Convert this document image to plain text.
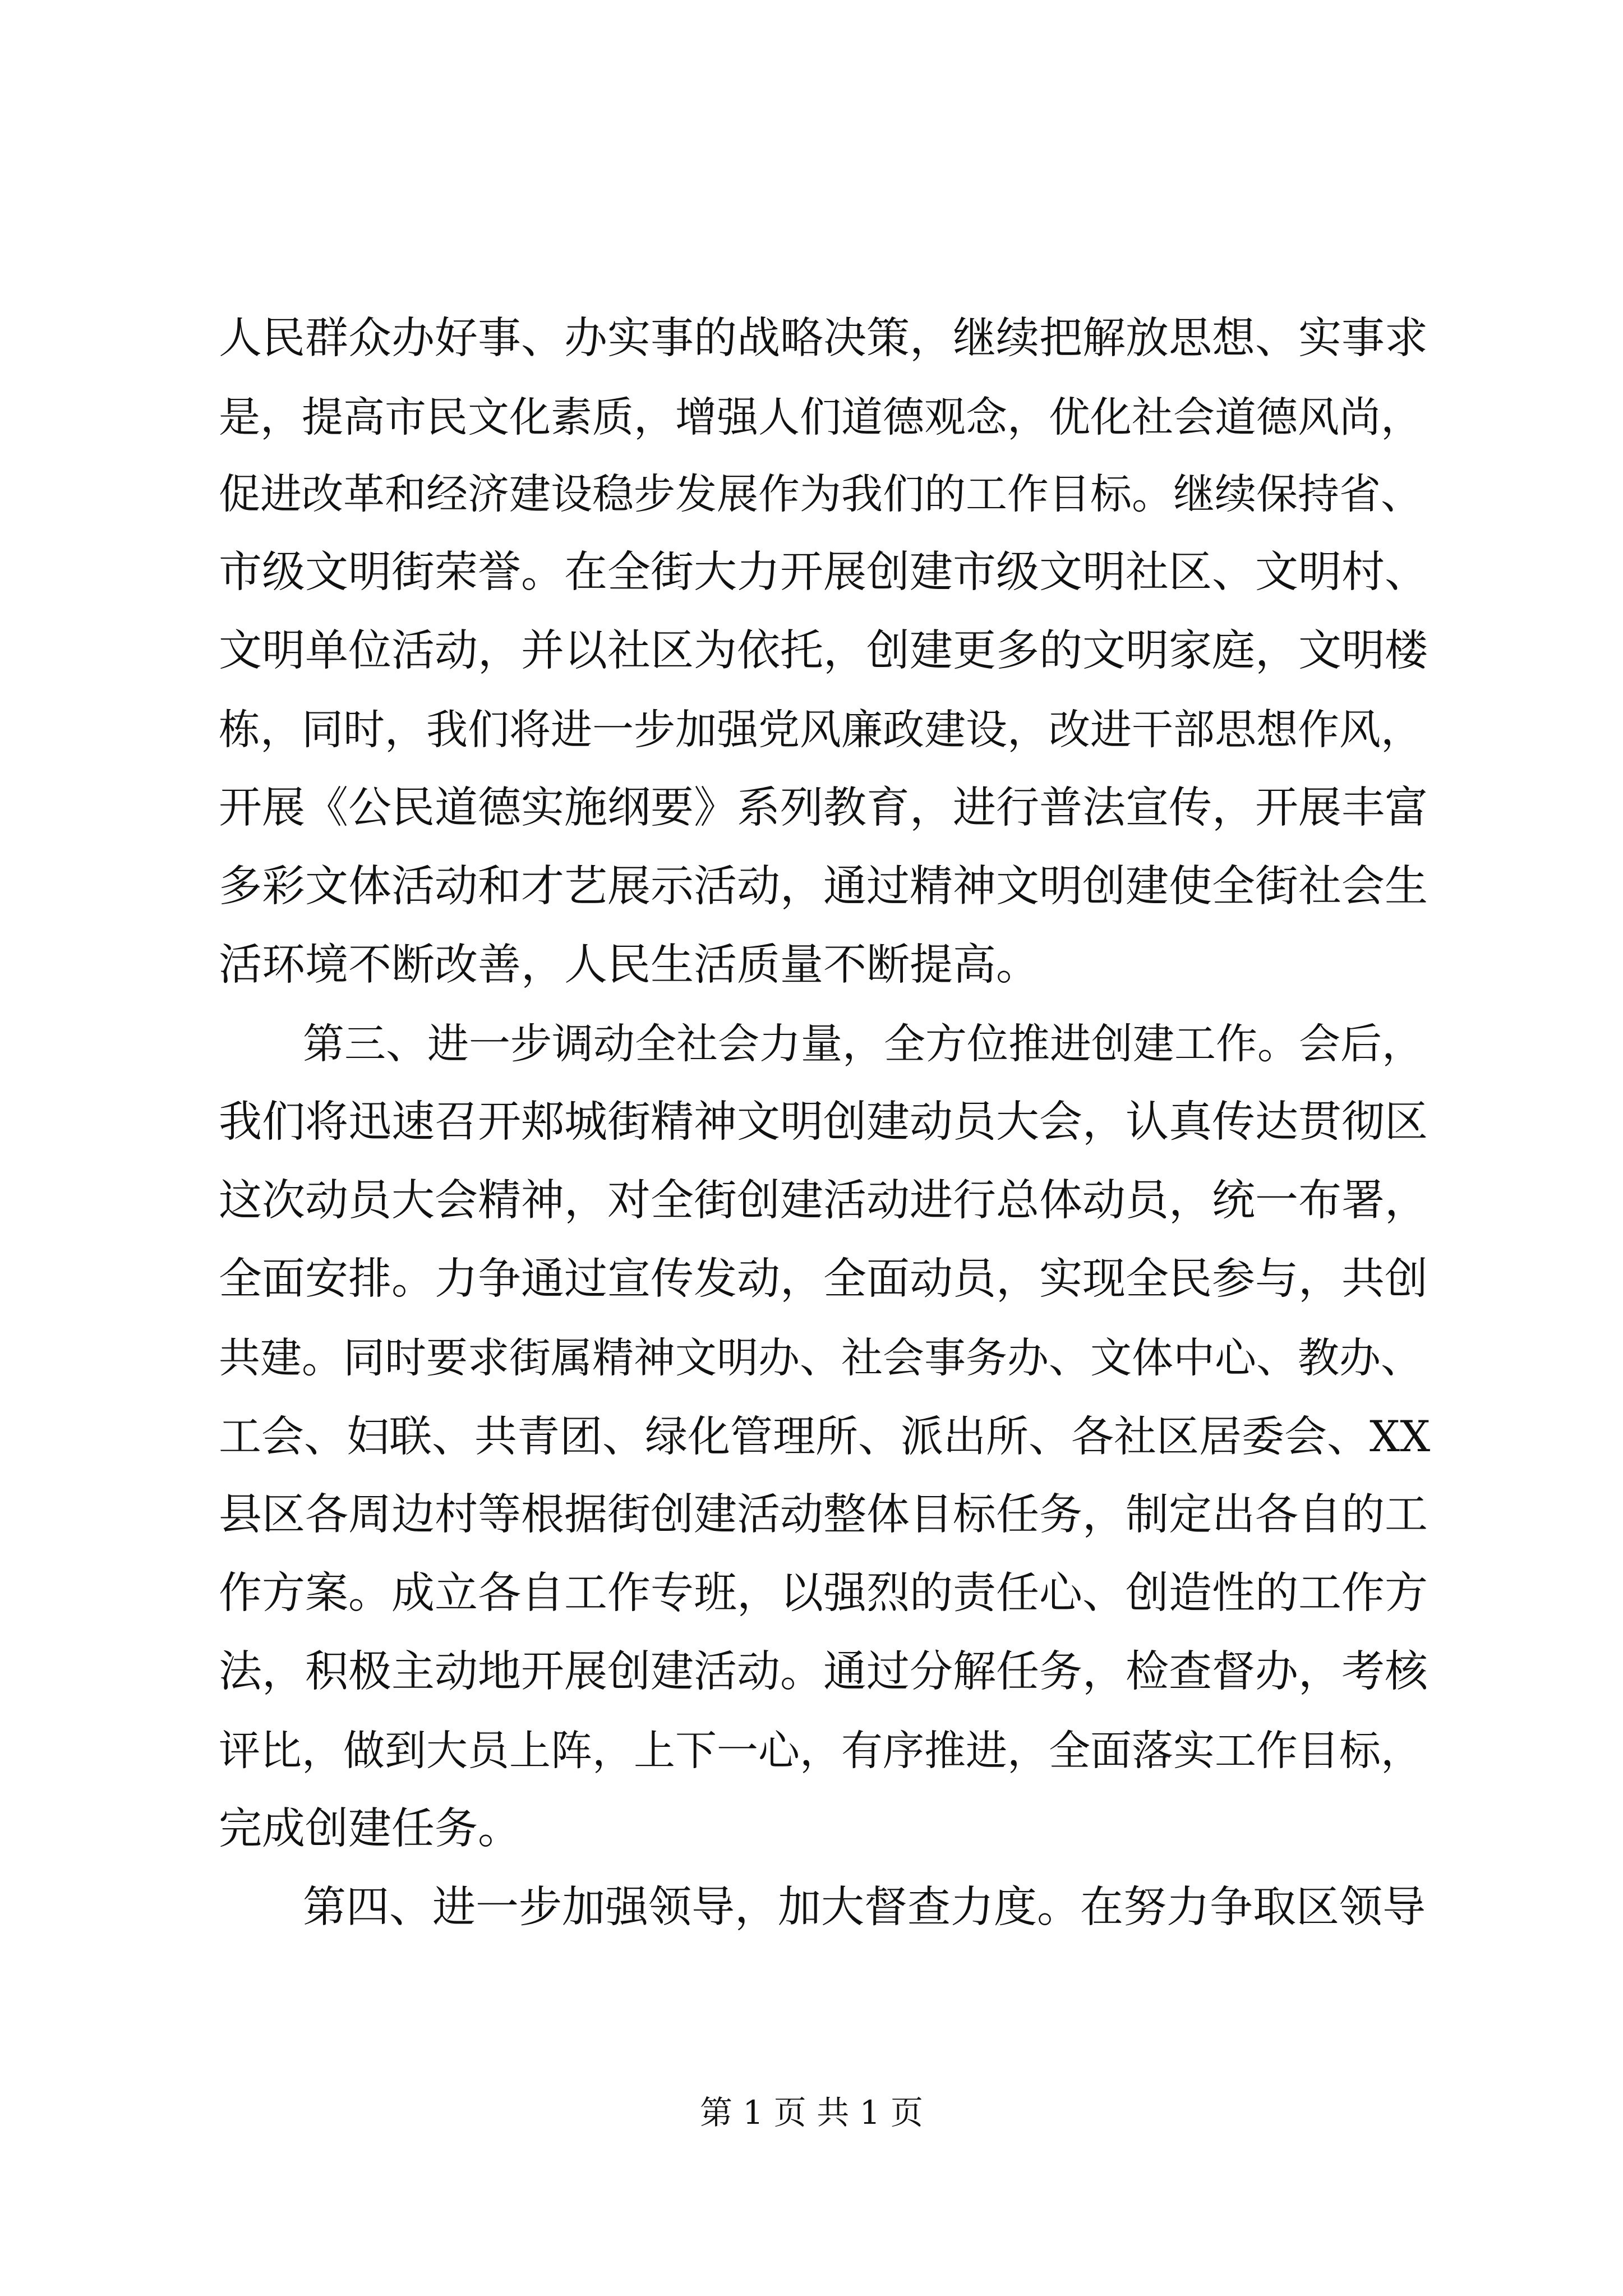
人民群众办好事、办实事的战略决策，继续把解放思想、实事求
是，提高市民文化素质，增强人们道德观念，优化社会道德风尚，
促进改革和经济建设稳步发展作为我们的工作目标。继续保持省、
市级文明街荣誉。在全街大力开展创建市级文明社区、文明村、
文明单位活动，并以社区为依托，创建更多的文明家庭，文明楼
栋，同时，我们将进一步加强党风廉政建设，改进干部思想作风，
开展《公民道德实施纲要》系列教育，进行普法宣传，开展丰富
多彩文体活动和才艺展示活动，通过精神文明创建使全街社会生
活环境不断改善，人民生活质量不断提高。
第三、进一步调动全社会力量，全方位推进创建工作。会后，
我们将迅速召开郏城街精神文明创建动员大会，认真传达贯彻区
这次动员大会精神，对全街创建活动进行总体动员，统一布署，
全面安排。力争通过宣传发动，全面动员，实现全民参与，共创
共建。同时要求街属精神文明办、社会事务办、文体中心、教办、
工会、妇联、共青团、绿化管理所、派出所、各社区居委会、XX
县区各周边村等根据街创建活动整体目标任务，制定出各自的工
作方案。成立各自工作专班，以强烈的责任心、创造性的工作方
法，积极主动地开展创建活动。通过分解任务，检查督办，考核
评比，做到大员上阵，上下一心，有序推进，全面落实工作目标，
完成创建任务。
第四、进一步加强领导，加大督查力度。在努力争取区领导
第 1 页 共 1 页
